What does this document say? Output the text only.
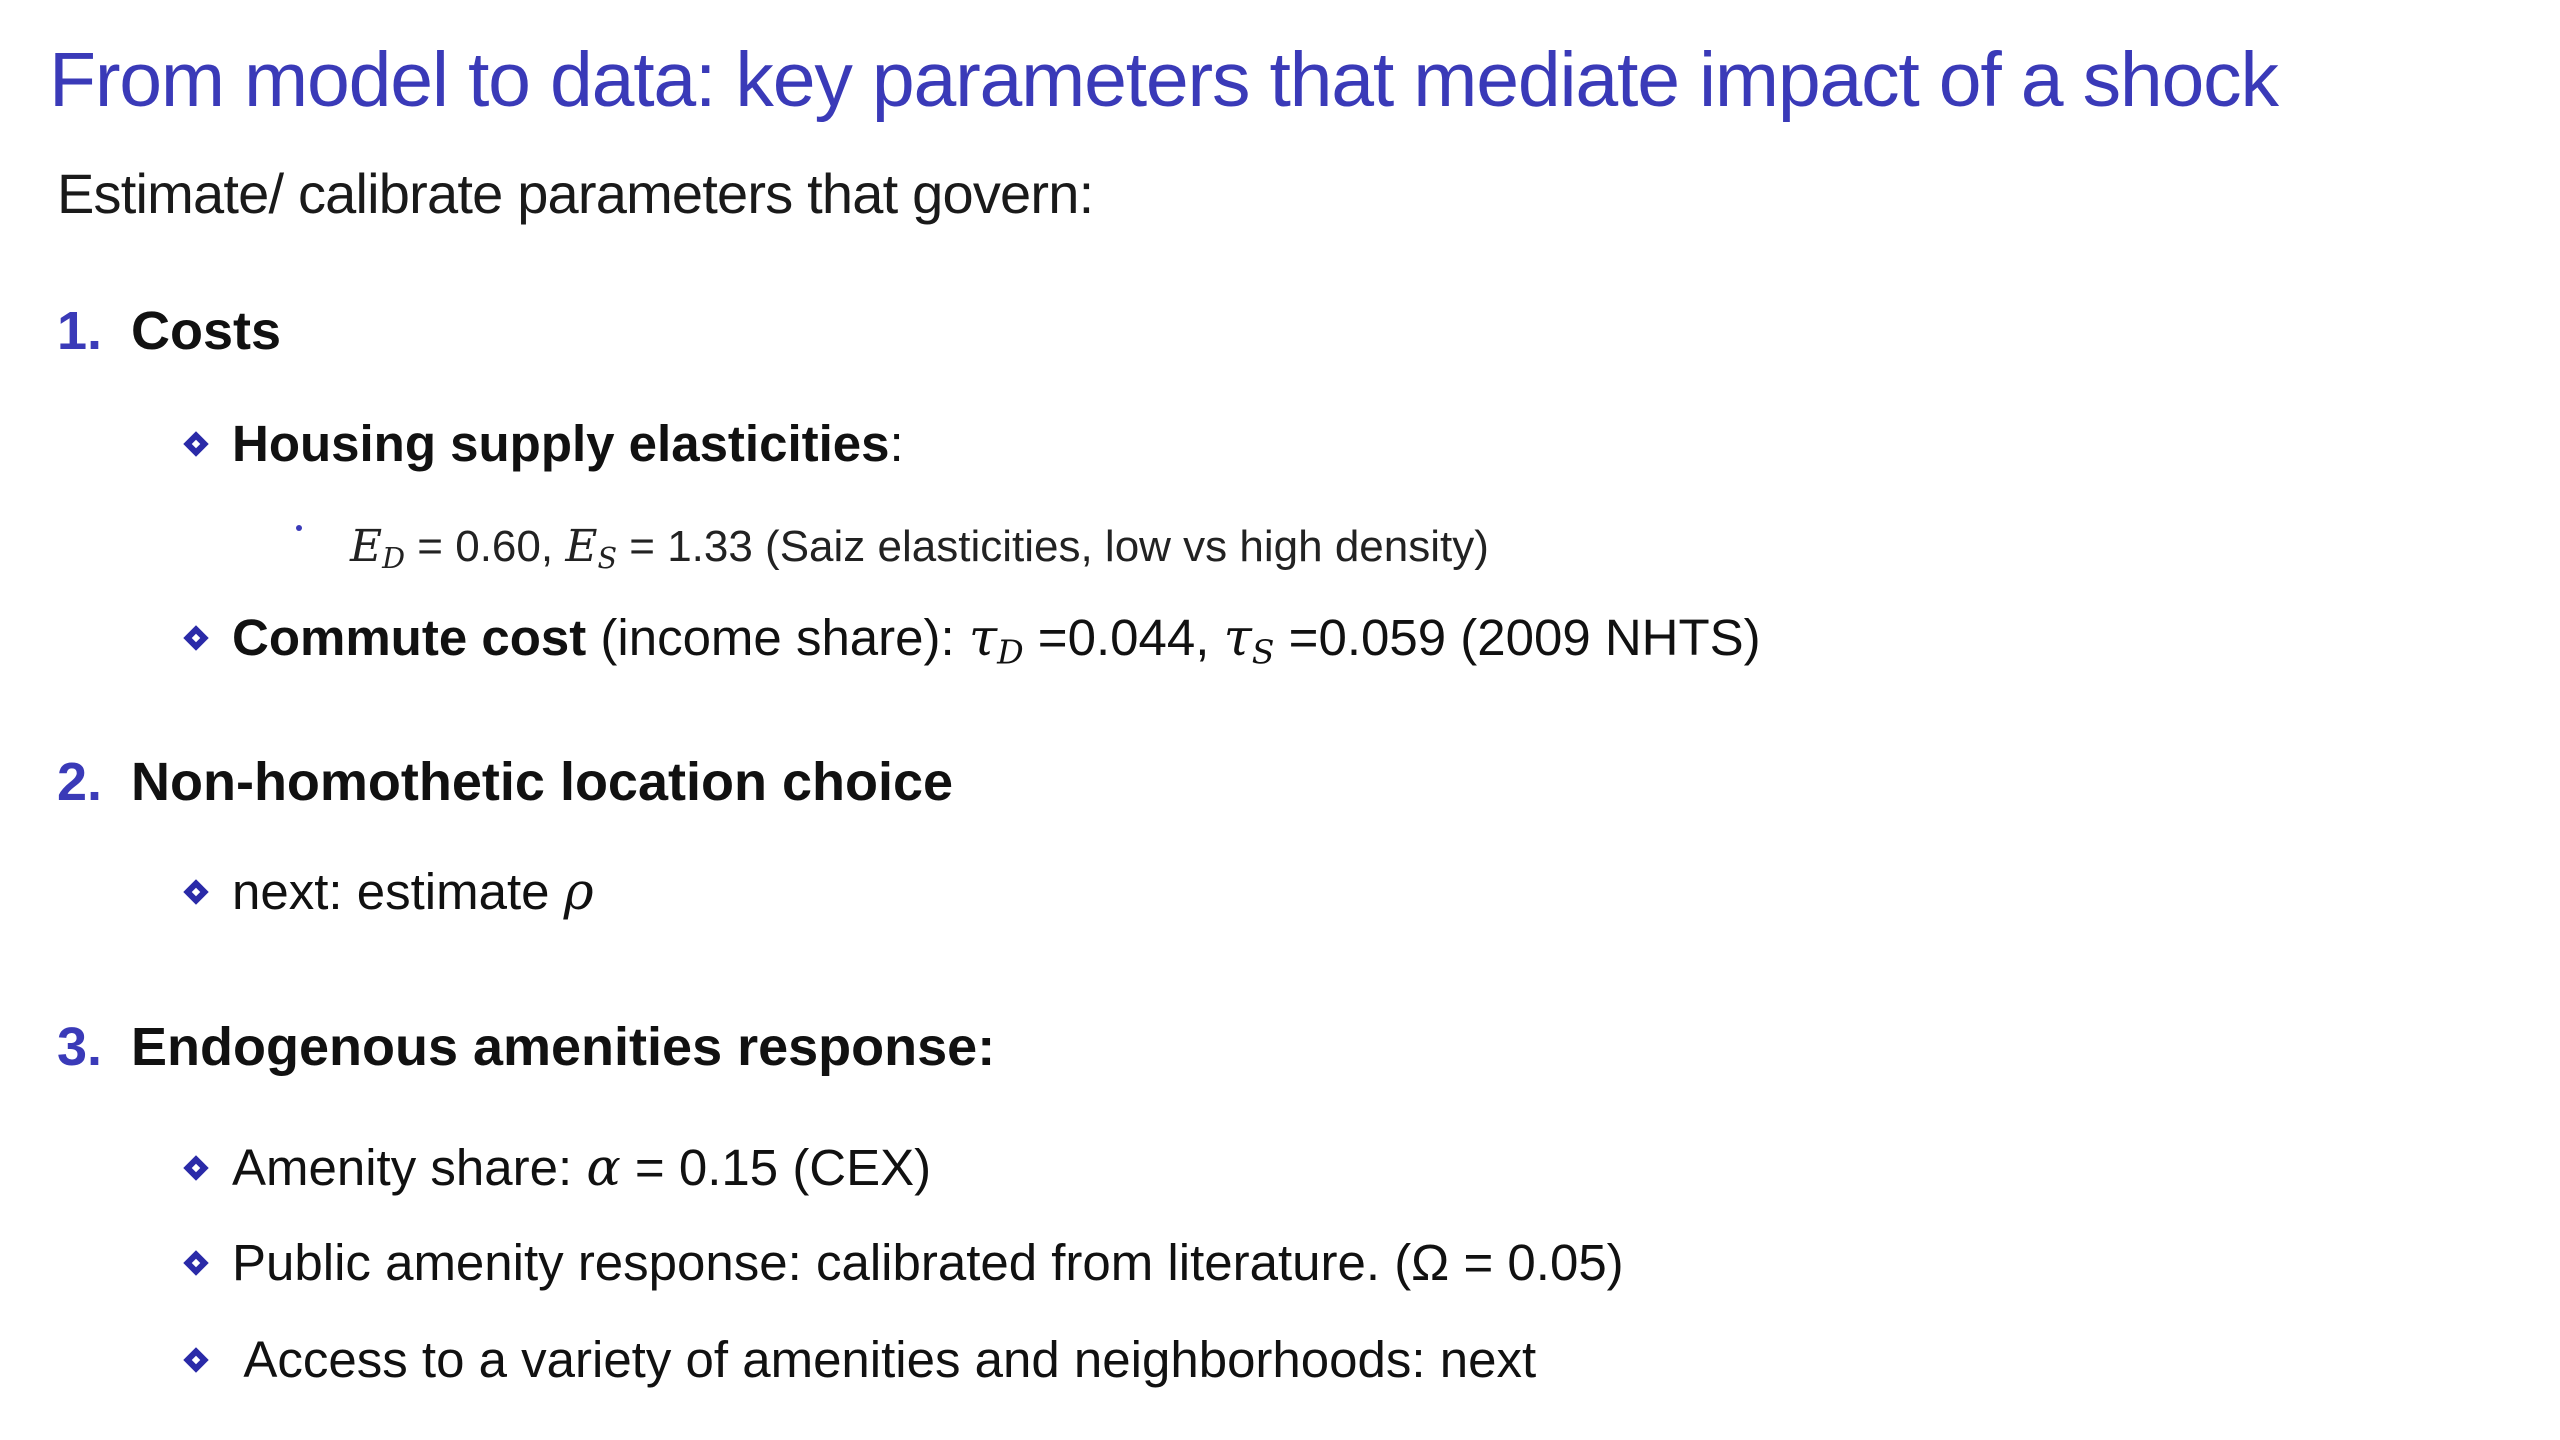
From model to data: key parameters that mediate impact of a shock
Estimate/ calibrate parameters that govern:
1. Costs
Housing supply elasticities:
$E_D = 0.60$, $E_S = 1.33$ (Saiz elasticities, low vs high density)
Commute cost (income share): $\tau_D =0.044$, $\tau_S =0.059$ (2009 NHTS)
2. Non-homothetic location choice
next: estimate ρ
3. Endogenous amenities response:
Amenity share: α = 0.15 (CEX)
Public amenity response: calibrated from literature. (Ω = 0.05)
Access to a variety of amenities and neighborhoods: next
